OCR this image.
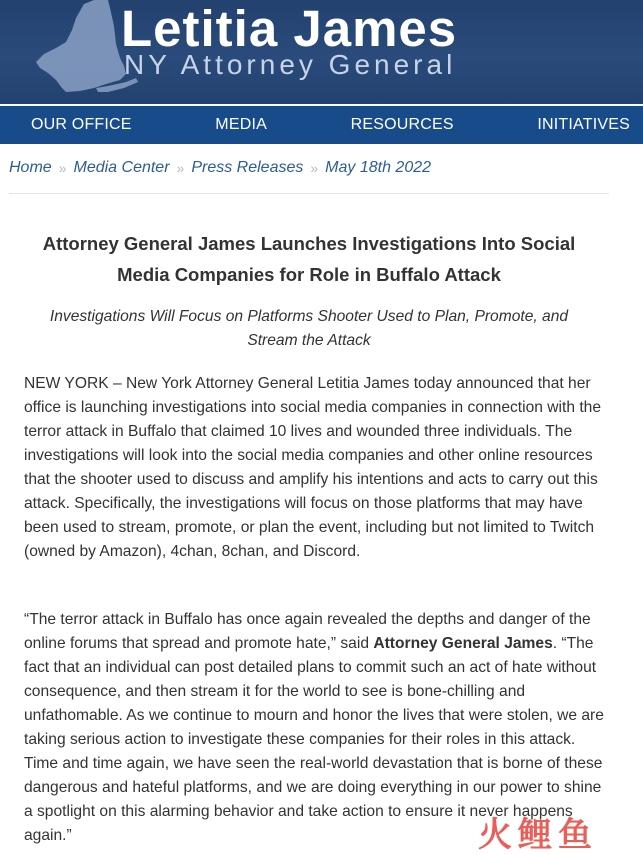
Letitia James
NY Attorney General
OUR OFFICE	MEDIA	RESOURCES	INITIATIVES
Home » Media Center » Press Releases » May 18th 2022
Attorney General James Launches Investigations Into Social Media Companies for Role in Buffalo Attack
Investigations Will Focus on Platforms Shooter Used to Plan, Promote, and Stream the Attack
NEW YORK – New York Attorney General Letitia James today announced that her office is launching investigations into social media companies in connection with the terror attack in Buffalo that claimed 10 lives and wounded three individuals. The investigations will look into the social media companies and other online resources that the shooter used to discuss and amplify his intentions and acts to carry out this attack. Specifically, the investigations will focus on those platforms that may have been used to stream, promote, or plan the event, including but not limited to Twitch (owned by Amazon), 4chan, 8chan, and Discord.
“The terror attack in Buffalo has once again revealed the depths and danger of the online forums that spread and promote hate,” said Attorney General James. “The fact that an individual can post detailed plans to commit such an act of hate without consequence, and then stream it for the world to see is bone-chilling and unfathomable. As we continue to mourn and honor the lives that were stolen, we are taking serious action to investigate these companies for their roles in this attack. Time and time again, we have seen the real-world devastation that is borne of these dangerous and hateful platforms, and we are doing everything in our power to shine a spotlight on this alarming behavior and take action to ensure it never happens again.”	火鲤鱼
